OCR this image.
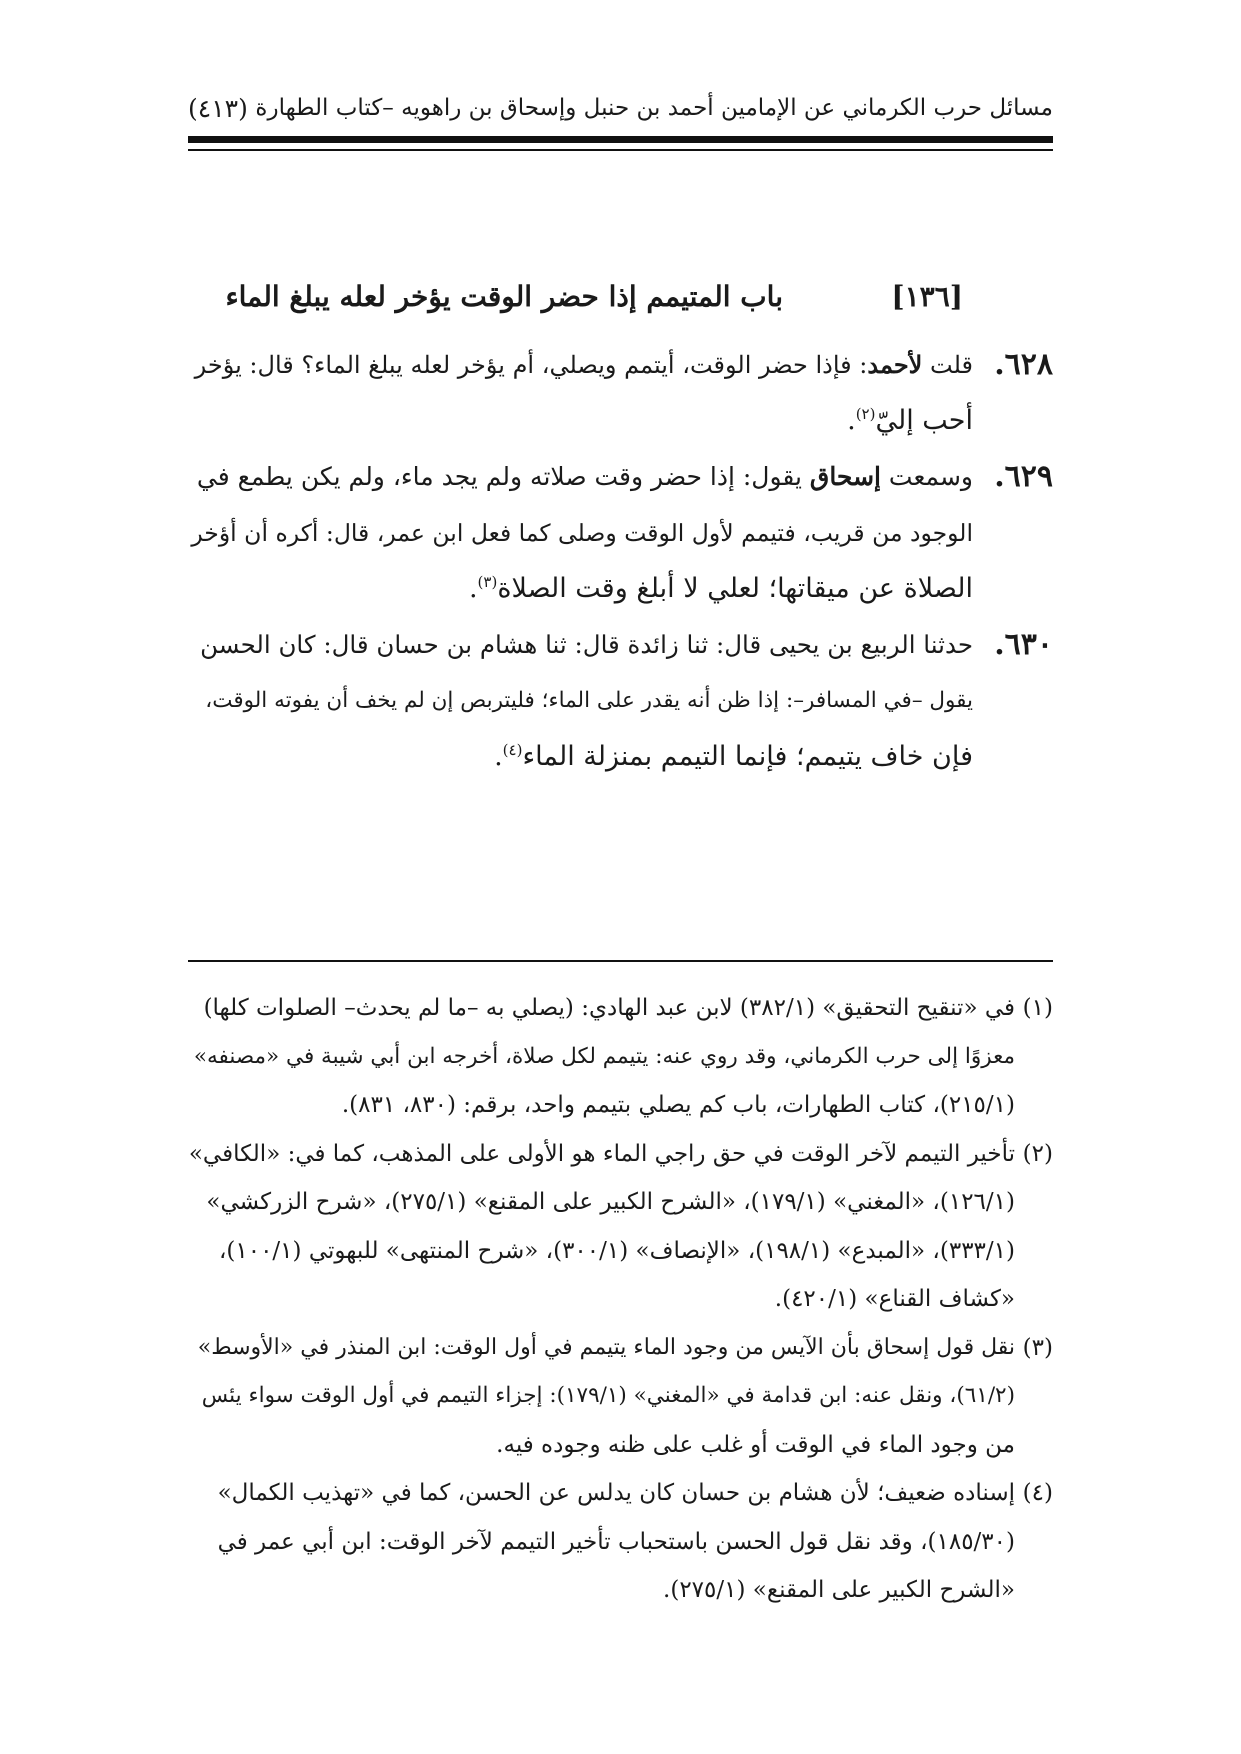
مسائل حرب الكرماني عن الإمامين أحمد بن حنبل وإسحاق بن راهويه –كتاب الطهارة
(٤١٣)
[١٣٦]
باب المتيمم إذا حضر الوقت يؤخر لعله يبلغ الماء
٦٢٨.
قلت لأحمد: فإذا حضر الوقت، أيتمم ويصلي، أم يؤخر لعله يبلغ الماء؟ قال: يؤخر
أحب إليّ$^{(٢)}$.
٦٢٩.
وسمعت إسحاق يقول: إذا حضر وقت صلاته ولم يجد ماء، ولم يكن يطمع في
الوجود من قريب، فتيمم لأول الوقت وصلى كما فعل ابن عمر، قال: أكره أن أؤخر
الصلاة عن ميقاتها؛ لعلي لا أبلغ وقت الصلاة$^{(٣)}$.
٦٣٠.
حدثنا الربيع بن يحيى قال: ثنا زائدة قال: ثنا هشام بن حسان قال: كان الحسن
يقول –في المسافر–: إذا ظن أنه يقدر على الماء؛ فليتربص إن لم يخف أن يفوته الوقت،
فإن خاف يتيمم؛ فإنما التيمم بمنزلة الماء$^{(٤)}$.
(١)
في «تنقيح التحقيق» (٣٨٢/١) لابن عبد الهادي: (يصلي به –ما لم يحدث– الصلوات كلها)
معزوًا إلى حرب الكرماني، وقد روي عنه: يتيمم لكل صلاة، أخرجه ابن أبي شيبة في «مصنفه»
(٢١٥/١)، كتاب الطهارات، باب كم يصلي بتيمم واحد، برقم: (٨٣٠، ٨٣١).
(٢)
تأخير التيمم لآخر الوقت في حق راجي الماء هو الأولى على المذهب، كما في: «الكافي»
(١٢٦/١)، «المغني» (١٧٩/١)، «الشرح الكبير على المقنع» (٢٧٥/١)، «شرح الزركشي»
(٣٣٣/١)، «المبدع» (١٩٨/١)، «الإنصاف» (٣٠٠/١)، «شرح المنتهى» للبهوتي (١٠٠/١)،
«كشاف القناع» (٤٢٠/١).
(٣)
نقل قول إسحاق بأن الآيس من وجود الماء يتيمم في أول الوقت: ابن المنذر في «الأوسط»
(٦١/٢)، ونقل عنه: ابن قدامة في «المغني» (١٧٩/١): إجزاء التيمم في أول الوقت سواء يئس
من وجود الماء في الوقت أو غلب على ظنه وجوده فيه.
(٤)
إسناده ضعيف؛ لأن هشام بن حسان كان يدلس عن الحسن، كما في «تهذيب الكمال»
(١٨٥/٣٠)، وقد نقل قول الحسن باستحباب تأخير التيمم لآخر الوقت: ابن أبي عمر في
«الشرح الكبير على المقنع» (٢٧٥/١).
